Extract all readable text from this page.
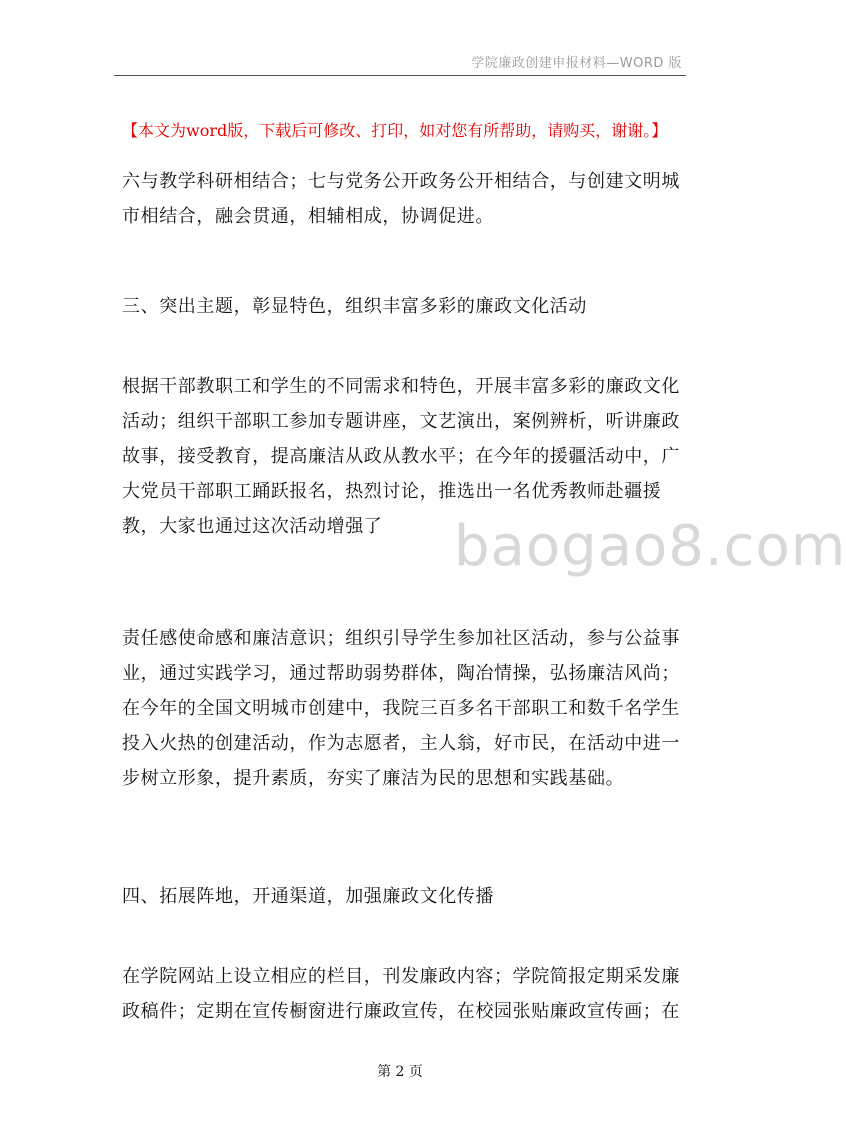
学院廉政创建申报材料—WORD 版
【本文为word版，下载后可修改、打印，如对您有所帮助，请购买，谢谢。】

六与教学科研相结合；七与党务公开政务公开相结合，与创建文明城市相结合，融会贯通，相辅相成，协调促进。

三、突出主题，彰显特色，组织丰富多彩的廉政文化活动

根据干部教职工和学生的不同需求和特色，开展丰富多彩的廉政文化活动；组织干部职工参加专题讲座，文艺演出，案例辨析，听讲廉政故事，接受教育，提高廉洁从政从教水平；在今年的援疆活动中，广大党员干部职工踊跃报名，热烈讨论，推选出一名优秀教师赴疆援教，大家也通过这次活动增强了	baogao8.com

责任感使命感和廉洁意识；组织引导学生参加社区活动，参与公益事业，通过实践学习，通过帮助弱势群体，陶冶情操，弘扬廉洁风尚；在今年的全国文明城市创建中，我院三百多名干部职工和数千名学生投入火热的创建活动，作为志愿者，主人翁，好市民，在活动中进一步树立形象，提升素质，夯实了廉洁为民的思想和实践基础。

四、拓展阵地，开通渠道，加强廉政文化传播

在学院网站上设立相应的栏目，刊发廉政内容；学院简报定期采发廉政稿件；定期在宣传橱窗进行廉政宣传，在校园张贴廉政宣传画；在

第 2 页
